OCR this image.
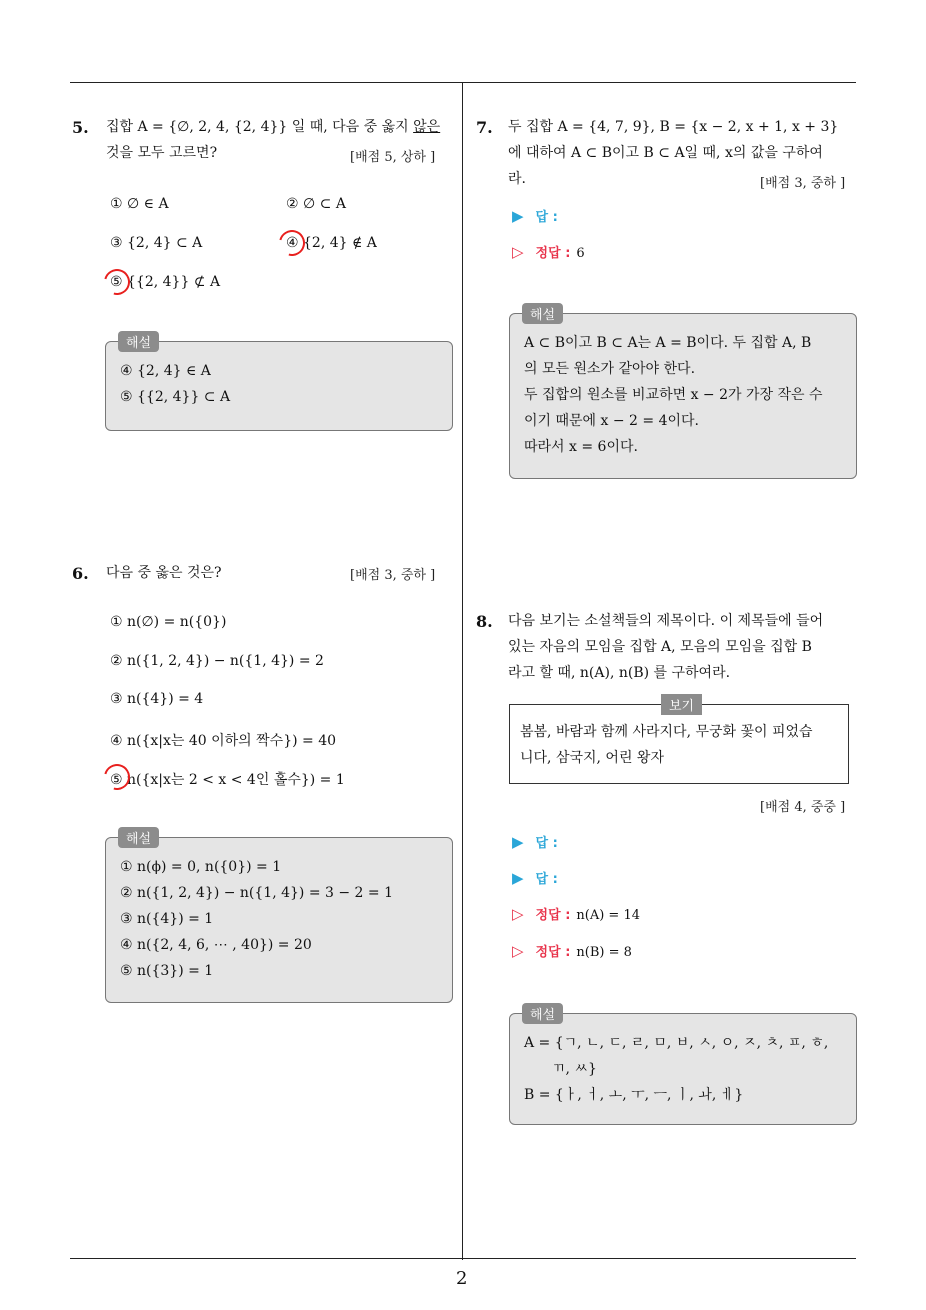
2
5. 집합 A = {∅, 2, 4, {2, 4}} 일 때, 다음 중 옳지 않은
것을 모두 고르면?	[배점 5, 상하 ]
① ∅ ∈ A	② ∅ ⊂ A
③ {2, 4} ⊂ A	④ {2, 4} ∉ A
⑤ {{2, 4}} ⊄ A
④ {2, 4} ∈ A
⑤ {{2, 4}} ⊂ A
해설
6. 다음 중 옳은 것은?	[배점 3, 중하 ]
① n(∅) = n({0})
② n({1, 2, 4}) − n({1, 4}) = 2
③ n({4}) = 4
④ n({x|x는 40 이하의 짝수}) = 40
⑤ n({x|x는 2 < x < 4인 홀수}) = 1
① n(ϕ) = 0, n({0}) = 1
② n({1, 2, 4}) − n({1, 4}) = 3 − 2 = 1
③ n({4}) = 1
④ n({2, 4, 6, ⋯ , 40}) = 20
⑤ n({3}) = 1
해설
7. 두 집합 A = {4, 7, 9}, B = {x − 2, x + 1, x + 3}
에 대하여 A ⊂ B이고 B ⊂ A일 때, x의 값을 구하여
라.	[배점 3, 중하 ]
▶ 답 :
▷ 정답 : 6
A ⊂ B이고 B ⊂ A는 A = B이다. 두 집합 A, B
의 모든 원소가 같아야 한다.
두 집합의 원소를 비교하면 x − 2가 가장 작은 수
이기 때문에 x − 2 = 4이다.
따라서 x = 6이다.
해설
8. 다음 보기는 소설책들의 제목이다. 이 제목들에 들어
있는 자음의 모임을 집합 A, 모음의 모임을 집합 B
라고 할 때, n(A), n(B) 를 구하여라.
봄봄, 바람과 함께 사라지다, 무궁화 꽃이 피었습
니다, 삼국지, 어린 왕자
보기
[배점 4, 중중 ]
▶ 답 :
▶ 답 :
▷ 정답 : n(A) = 14
▷ 정답 : n(B) = 8
A = {ㄱ, ㄴ, ㄷ, ㄹ, ㅁ, ㅂ, ㅅ, ㅇ, ㅈ, ㅊ, ㅍ, ㅎ,
ㄲ, ㅆ}
B = {ㅏ, ㅓ, ㅗ, ㅜ, ㅡ, ㅣ, ㅘ, ㅔ}
해설
